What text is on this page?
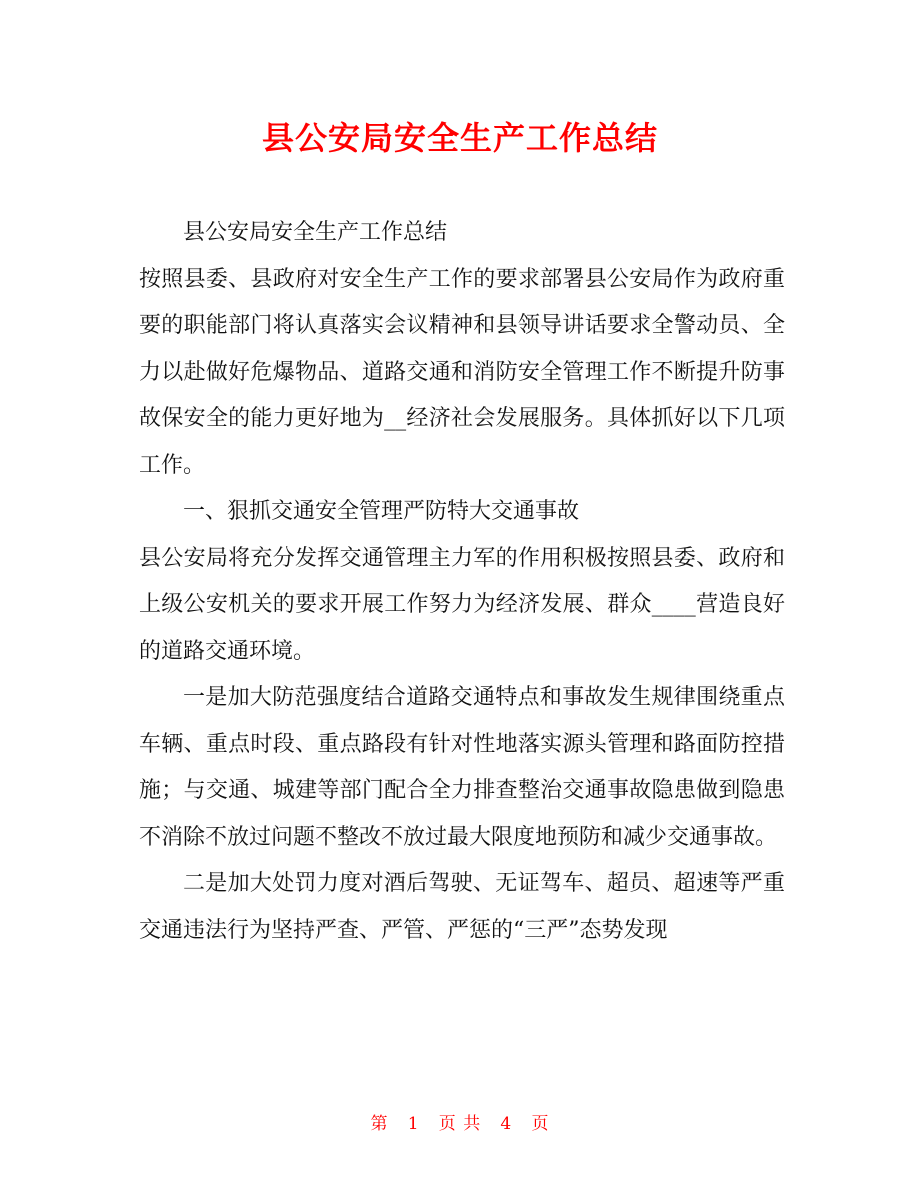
县公安局安全生产工作总结

县公安局安全生产工作总结

按照县委、县政府对安全生产工作的要求部署县公安局作为政府重要的职能部门将认真落实会议精神和县领导讲话要求全警动员、全力以赴做好危爆物品、道路交通和消防安全管理工作不断提升防事故保安全的能力更好地为__经济社会发展服务。具体抓好以下几项工作。

一、狠抓交通安全管理严防特大交通事故

县公安局将充分发挥交通管理主力军的作用积极按照县委、政府和上级公安机关的要求开展工作努力为经济发展、群众____营造良好的道路交通环境。

一是加大防范强度结合道路交通特点和事故发生规律围绕重点车辆、重点时段、重点路段有针对性地落实源头管理和路面防控措施；与交通、城建等部门配合全力排查整治交通事故隐患做到隐患不消除不放过问题不整改不放过最大限度地预防和减少交通事故。

二是加大处罚力度对酒后驾驶、无证驾车、超员、超速等严重交通违法行为坚持严查、严管、严惩的“三严”态势发现

第 1 页 共 4 页
